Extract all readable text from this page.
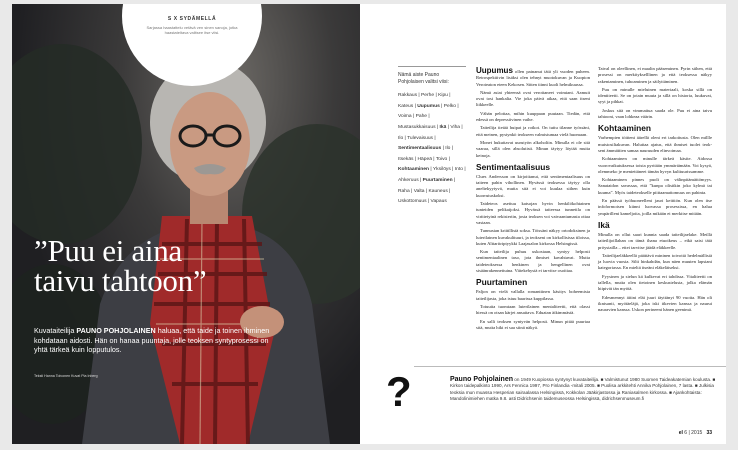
S X SYDÄMELLÄ
Sarjassa haastattelu vetävä ven sinen sanoja, jotka haastateltava valitsee itse viisi.
”Puu ei aina
taivu tahtoon”
Kuvataiteilija PAUNO POHJOLAINEN haluaa, että taide ja toinen ihminen kohdataan aidosti. Hän on hanaa puuntaja, jolle teoksen syntyprosessi on yhtä tärkeä kuin lopputulos.
Teksti Hanna Toivonen Kuvat Pia Inberg
Nämä aiste Pauno Pohjolaisen valitsi viisi:
Rakkaus | Perhe | Kipu | Kateus | Uupumus | Pelko | Voima | Pahe | Mustasukkaisuus | Ikä | Viha | Ilo | Tulevaisuus | Sentimentaalisuus | Ilo | Itsekäs | Häpeä | Toivo | Kohtaaminen | Yksilöys | Into | Ahkeruus | Puurtaminen | Raha | Valta | Kauneus | Uskottomuus | Vapaus

Uupumus ollen painanut tätä yli vuoden puheen. Retrospektiivin lisäksi olen tehnyt muotokuvan ja Kuopion Veroteaton eteen Kekosen. Sitten tiinni kuoli helmikuussa.

Nämä asiat yhteensä ovat verottaneet voimiani. Aamuit ovat tosi hankalia. Vie joka päivä aikaa, että saan itseni liikkeelle.

Vähän pelottaa, mihin kuuppaan puutaan. Tiedän, että edessä on depressiivinen vaihe.

Taiteilija tietää huipat ja rotkot. On tuttu tilanne työssäni, että meinen, pystynkö teokseen valmistumaa vielä huomaan.

Monet hukuttavat uurutyön alkoholiin. Minulla ei ole sitä vaaraa, sillä olen absolutisti. Minun täytyy löytää muita keinoja.

Sentimentaalisuus

Clues Andersson on kirjoittanut, että sentimentaalisuus on taiteen pahin vihollinen. Hyvässä teoksessa täytyy olla aneltekyytyvä, mutta sitä ei voi kuulaa siihen kuin kuorrutuskoksi.

Taideteos asettuu katsojan hyvin henkilökohtainen tunteiden pelikaijoksi. Hyvässä taiteessa tunnetila on virittetyinä rekisteriin, josta teoksen voi vaivaantumasta ottaa vastaan.

Tunnustan kriitillistä soksa. Töissäni näkyy ortodoksinen ja luterilainen kuvakulttuuri, ja teokseni on kirkollisissa tiloissa, kuten Alttaritriptyykki Laajasalon kirkossa Helsingissä.

Kun taiteilija puhuu uskostaan, syntyy helposti sentimentaalinen taso, jota ihmiset kavahtavat. Mutta taideteoksessa henkinen ja hengellinen ovat sisäänrakennettuina. Viitekehystä ei tarvitse osoittaa.

Puurtaminen

Paljon on vielä vallalla romanttinen käsitys boheemista taiteilijasta, joka istuu baarissa kuppilassa.

Totuutta tuomtaan luterilainen mentaliteetti, että olasst hiessä on otsan kärjet ansaitava. Eduatan äikimmästä.

En salli teoksen syntyvän helposti. Minun pitää puurtaa sitä, mutta hiki ei saa siinä näkyä.

Taival on oleellinen, ei maalin pääseminen. Pyrin siihen, että prosessi on merkitykselllinen ja että teoksessa näkyy rakentaminen, tuhoaminen ja säilyttäminen.

Puu on minulle mieluinen materiaali, koska sillä on identiteetti. Se on jotain muuta ja sillä on historia, luukuvat, syyt ja pihkat.

Joskus sitä on vimmattua saada ole. Puu ei aina taivu tahtooni, vaan lohkeaa väärin.

Kohtaaminen

Varhempien töitteni äärellä oleni eri tarkoitusta. Olen millle muistosiltakuvan. Haluttaa ajatus, että ihmiset tuolet teok-seni ämmättien samaa nauruuden elinvoimaa.

Kohtaaminen on minulle tärkeä käsite. Aidossa vuorovaikutuksessa toista pyritään ymmärtämään. Voi kysyä, olemmeko je meniettäneet tämän hyvyn kulttuurissamme.

Kohtaaminen pinnes puoli on välinpitämättömyys. Sanataidon savassaa, että ”kunpa olisitkin joko kylmä tai kuuma”. Myös taideteokselle piittaamattomuus on pahinta.

En päässä työhuoneelleni jauri keittiön. Kun olen itse infoformoisen kiinni luovassa prosessissa, en halua ympärilleni kameljoita, joilla mikään ei merkitse mitään.

Ikä

Minulla on ollut saari kunnia saada taiteilijaelake. Meillä taiteilijoillahan on tämä ihana etuoikeus – eikä saisi tätä pröystailla – ettei tarvitse jäädä eläkkeelle.

Taiteilijaeläkkeellä päättävä mininen toivottä hedelmällisiä ja luovia vuosia. Silti hinkahdän, kun näen muuten lapsiani kategoriassa. En mieltä itseäni eläkeläiseksi.

Fyysinen ja sielun kä kulkevat eri tahdissa. Vitaliteetti on tallella, mutta olen tietoinen keskustelusta, jolka elämän hiipivät tän myötä.

Edesmennyt äitini eläi juuri täyttänyt 90 vuotta. Hän oli iknisanti, myötäeläjä, joka iski itkevien kanssa ja naurui nauravien kanssa. Uskon perineeni hänen geenimä.

?	Pauno Pohjolainen on 1949 Kuopiossa syntynyt kuvataiteilija. ■ Valmistunut 1980 Suomen Taideakatemian koulusta. ■ Kirkon taidepalkinto 1990, Ars Fennica 1997, Pro Finlandia -mitali 2005. ■ Puolisa arkkitehti Annika Pohjolainen, 7 lasta. ■ Julkisia teoksia mun muassa Hesperian sairaalassa Helsingissä, Kokkolan Jääkirjastossa ja Raniasalmen kirkossa. ■ Ajankohtaista: Mandolinimiehen matka 9.8. asti Didrichsenin taidemuseossa Helsingissä, didrichsenmuseum.fi
el 6 | 2015 33
